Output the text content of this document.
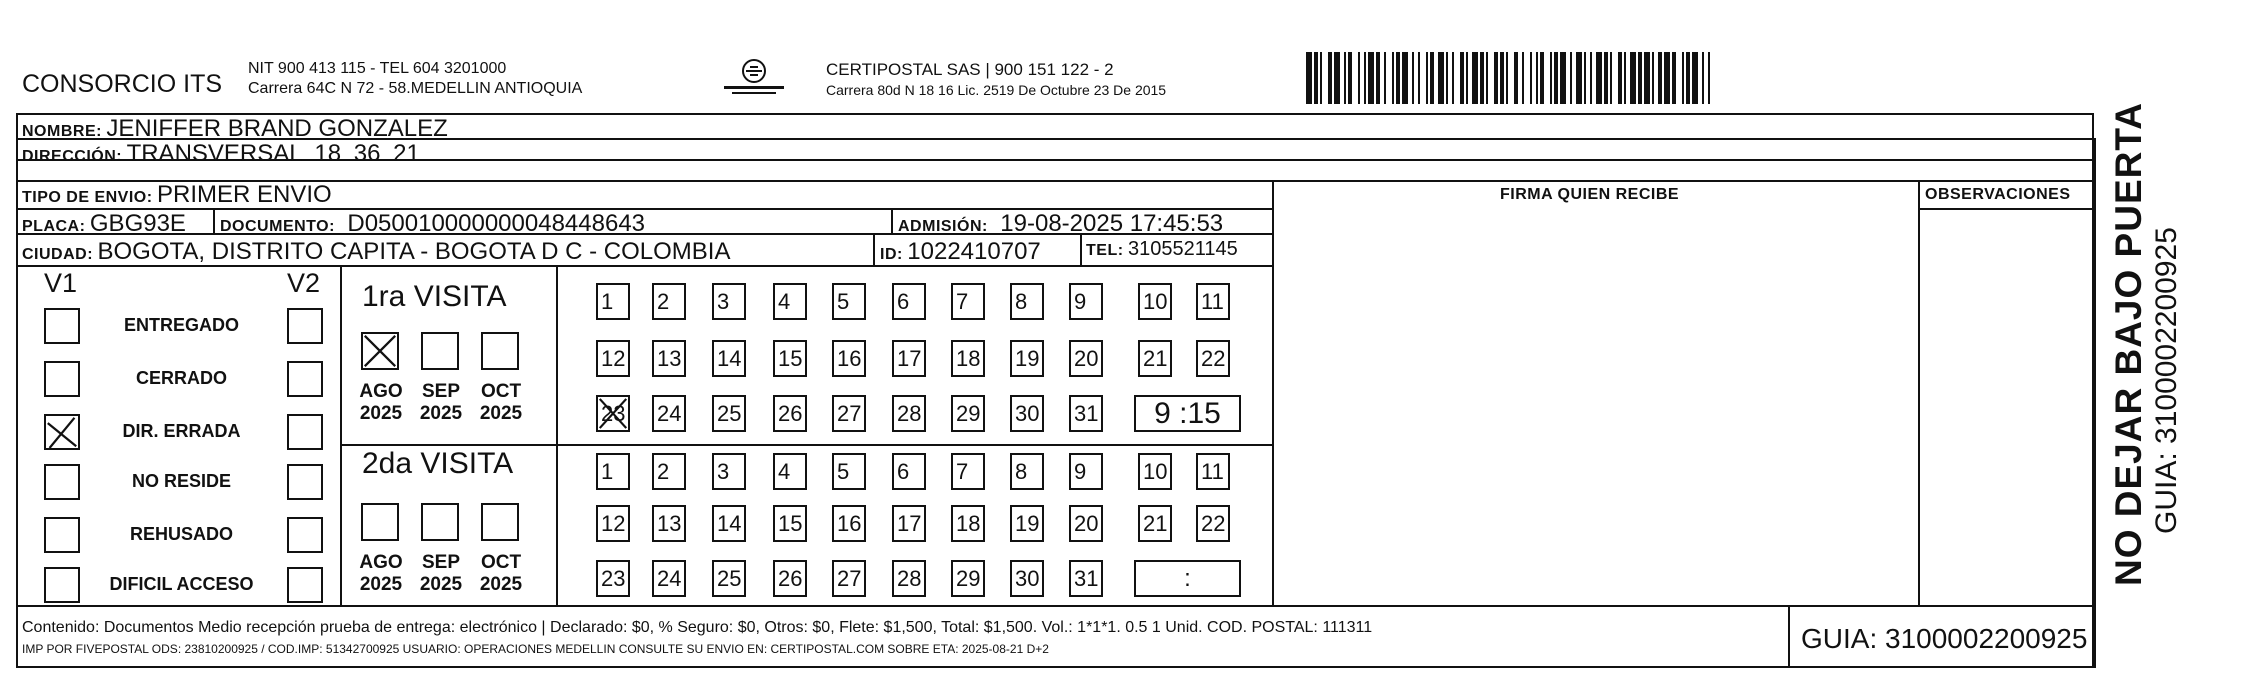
CONSORCIO ITS
NIT 900 413 115 - TEL 604 3201000
Carrera 64C N 72 - 58.MEDELLIN ANTIOQUIA
CERTIPOSTAL SAS | 900 151 122 - 2
Carrera 80d N 18 16 Lic. 2519 De Octubre 23 De 2015
NOMBRE: JENIFFER BRAND GONZALEZ
DIRECCIÓN: TRANSVERSAL 18 36 21
TIPO DE ENVIO: PRIMER ENVIO	FIRMA QUIEN RECIBE	OBSERVACIONES
PLACA: GBG93E DOCUMENTO: D050010000000048448643	ADMISIÓN: 19-08-2025 17:45:53
CIUDAD: BOGOTA, DISTRITO CAPITA - BOGOTA D C - COLOMBIA	ID: 1022410707	TEL: 3105521145
V1	V2
ENTREGADO
CERRADO
DIR. ERRADA
NO RESIDE
REHUSADO
DIFICIL ACCESO
1ra VISITA
2da VISITA
AGO
2025
SEP
2025
OCT
2025
AGO
2025
SEP
2025
OCT
2025
1	2	3	4	5	6	7	8	9	10 11
12 13 14 15 16 17 18 19 20 21 22
23 24 25 26 27 28 29 30 31	9 :15
1	2	3	4	5	6	7	8	9	10 11
12 13 14 15 16 17 18 19 20 21 22
23 24 25 26 27 28 29 30 31	:
Contenido: Documentos Medio recepción prueba de entrega: electrónico | Declarado: $0, % Seguro: $0, Otros: $0, Flete: $1,500, Total: $1,500. Vol.: 1*1*1. 0.5 1 Unid. COD. POSTAL: 111311
IMP POR FIVEPOSTAL ODS: 23810200925 / COD.IMP: 51342700925 USUARIO: OPERACIONES MEDELLIN CONSULTE SU ENVIO EN: CERTIPOSTAL.COM SOBRE ETA: 2025-08-21 D+2	GUIA: 3100002200925
NO DEJAR BAJO PUERTA GUIA: 3100002200925
